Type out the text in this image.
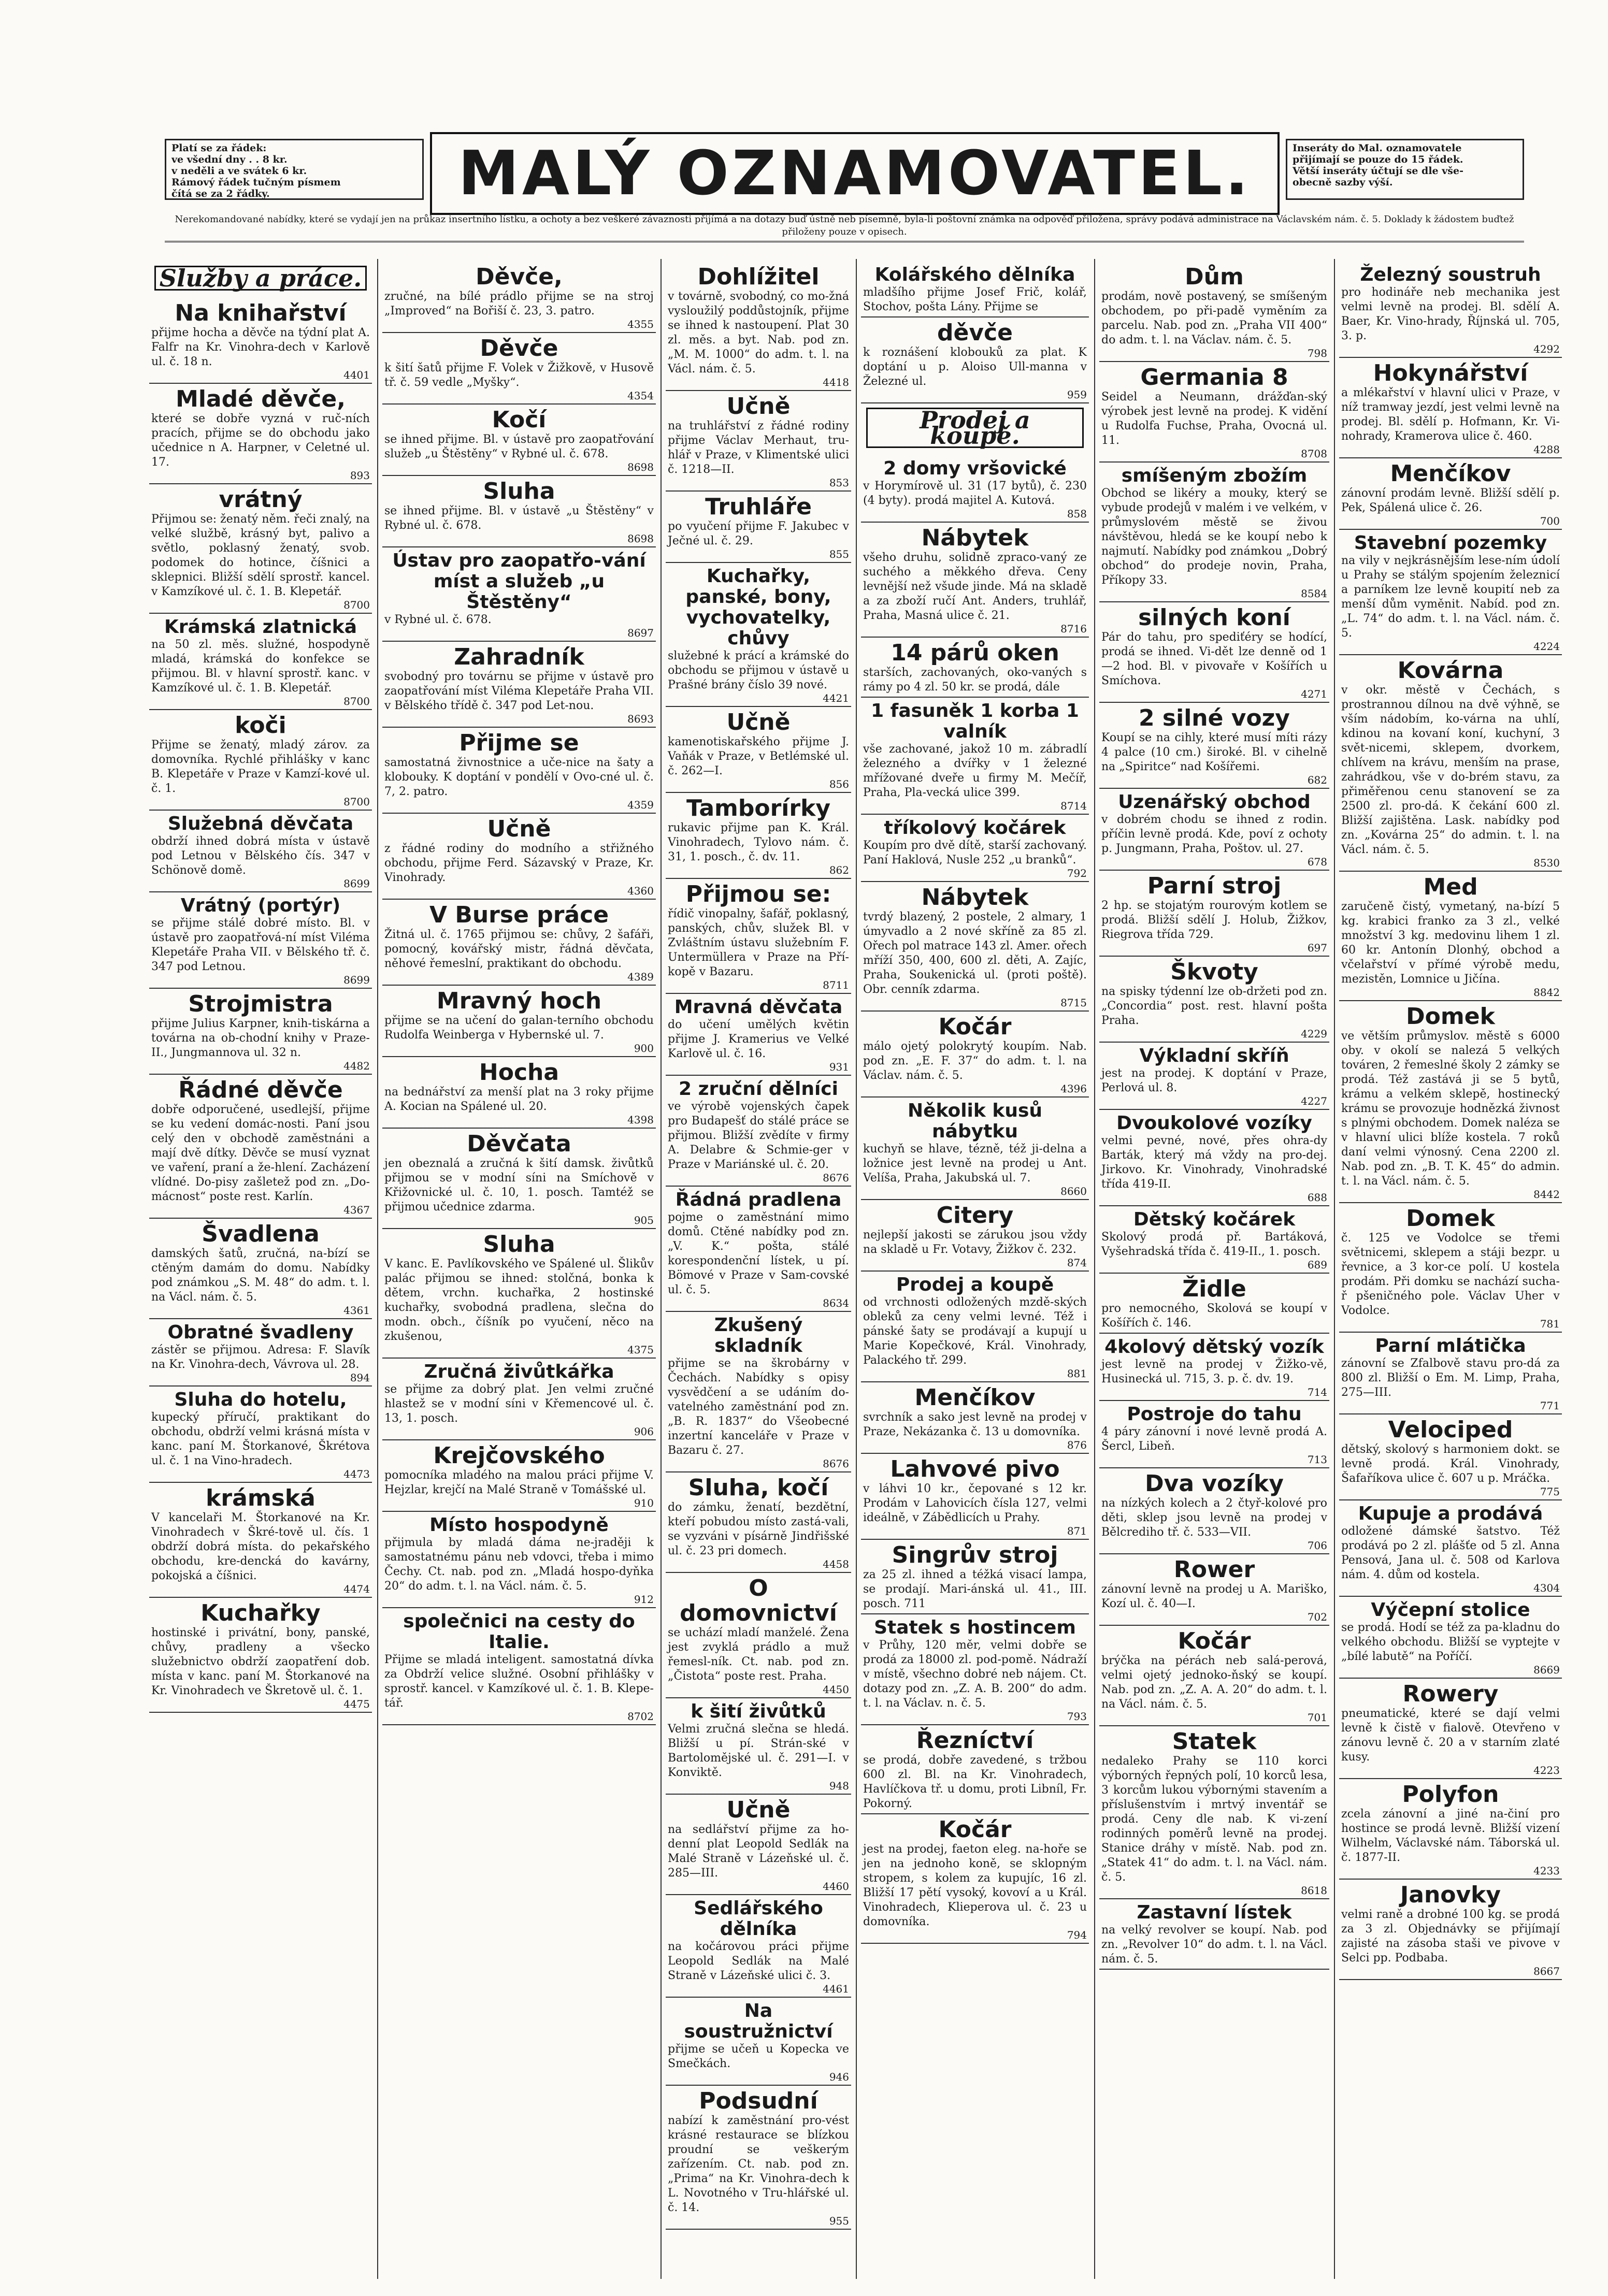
Platí se za řádek:
ve všední dny . . 8 kr.
v neděli a ve svátek 6 kr.
Rámový řádek tučným písmem
čítá se za 2 řádky.	MALÝ OZNAMOVATEL.	Inseráty do Mal. oznamovatele
přijímají se pouze do 15 řádek.
Větší inseráty účtují se dle vše-
obecně sazby výší.
Nerekomandované nabídky, které se vydají jen na průkaz insertního lístku, a ochoty a bez veškeré závaznosti přijímá a na dotazy buď ústně neb písemně, byla-li poštovní známka na odpověď přiložena, správy podává administrace na Václavském nám. č. 5. Doklady k žádostem buďtež přiloženy pouze v opisech.
Služby a práce.
Na knihařství
přijme hocha a děvče na týdní plat A. Falfr na Kr. Vinohra-dech v Karlově ul. č. 18 n.
4401
Mladé děvče,
které se dobře vyzná v ruč-ních pracích, přijme se do obchodu jako učednice n A. Harpner, v Celetné ul. 17.
893
vrátný
Přijmou se: ženatý něm. řeči znalý, na velké službě, krásný byt, palivo a světlo, poklasný ženatý, svob. podomek do hotince, číšnici a sklepnici. Bližší sdělí sprostř. kancel. v Kamzíkové ul. č. 1. B. Klepetář.
8700
Krámská zlatnická
na 50 zl. měs. služné, hospodyně mladá, krámská do konfekce se přijmou. Bl. v hlavní sprostř. kanc. v Kamzíkové ul. č. 1. B. Klepetář.
8700
koči
Přijme se ženatý, mladý zárov. za domovníka. Rychlé přihlášky v kanc B. Klepetáře v Praze v Kamzí-kové ul. č. 1.
8700
Služebná děvčata
obdrží ihned dobrá místa v ústavě pod Letnou v Bělského čís. 347 v Schönově domě.
8699
Vrátný (portýr)
se přijme stálé dobré místo. Bl. v ústavě pro zaopatřová-ní míst Viléma Klepetáře Praha VII. v Bělského tř. č. 347 pod Letnou.
8699
Strojmistra
přijme Julius Karpner, knih-tiskárna a továrna na ob-chodní knihy v Praze-II., Jungmannova ul. 32 n.
4482
Řádné děvče
dobře odporučené, usedlejší, přijme se ku vedení domác-nosti. Paní jsou celý den v obchodě zaměstnáni a mají dvě dítky. Děvče se musí vyznat ve vaření, praní a že-hlení. Zacházení vlídné. Do-pisy zašletež pod zn. „Do-mácnost“ poste rest. Karlín.
4367
Švadlena
damských šatů, zručná, na-bízí se ctěným damám do domu. Nabídky pod známkou „S. M. 48“ do adm. t. l. na Václ. nám. č. 5.
4361
Obratné švadleny
zástěr se přijmou. Adresa: F. Slavík na Kr. Vinohra-dech, Vávrova ul. 28.
894
Sluha do hotelu,
kupecký příručí, praktikant do obchodu, obdrží velmi krásná místa v kanc. paní M. Štorkanové, Škrétova ul. č. 1 na Vino-hradech.
4473
krámská
V kancelaři M. Štorkanové na Kr. Vinohradech v Škré-tově ul. čís. 1 obdrží dobrá místa. do pekařského obchodu, kre-dencká do kavárny, pokojská a číšnici.
4474
Kuchařky
hostinské i privátní, bony, panské, chůvy, pradleny a všecko služebnictvo obdrží zaopatření dob. místa v kanc. paní M. Štorkanové na Kr. Vinohradech ve Škretově ul. č. 1.
4475
Děvče,
zručné, na bílé prádlo přijme se na stroj „Improved“ na Bořiší č. 23, 3. patro.
4355
Děvče
k šití šatů přijme F. Volek v Žižkově, v Husově tř. č. 59 vedle „Myšky“.
4354
Kočí
se ihned přijme. Bl. v ústavě pro zaopatřování služeb „u Štěstěny“ v Rybné ul. č. 678.
8698
Sluha
se ihned přijme. Bl. v ústavě „u Štěstěny“ v Rybné ul. č. 678.
8698
Ústav pro zaopatřo-vání míst a služeb „u Štěstěny“
v Rybné ul. č. 678.
8697
Zahradník
svobodný pro továrnu se přijme v ústavě pro zaopatřování míst Viléma Klepetáře Praha VII. v Bělského třídě č. 347 pod Let-nou.
8693
Přijme se
samostatná živnostnice a uče-nice na šaty a klobouky. K doptání v pondělí v Ovo-cné ul. č. 7, 2. patro.
4359
Učně
z řádné rodiny do modního a střižného obchodu, přijme Ferd. Sázavský v Praze, Kr. Vinohrady.
4360
V Burse práce
Žitná ul. č. 1765 přijmou se: chůvy, 2 šafáři, pomocný, kovářský mistr, řádná děvčata, něhové řemeslní, praktikant do obchodu.
4389
Mravný hoch
přijme se na učení do galan-terního obchodu Rudolfa Weinberga v Hybernské ul. 7.
900
Hocha
na bednářství za menší plat na 3 roky přijme A. Kocian na Spálené ul. 20.
4398
Děvčata
jen obeznalá a zručná k šití damsk. živůtků přijmou se v modní síni na Smíchově v Křižovnické ul. č. 10, 1. posch. Tamtéž se přijmou učednice zdarma.
905
Sluha
V kanc. E. Pavlíkovského ve Spálené ul. Šlikův palác přijmou se ihned: stolčná, bonka k dětem, vrchn. kuchařka, 2 hostinské kuchařky, svobodná pradlena, slečna do modn. obch., číšník po vyučení, něco na zkušenou,
4375
Zručná živůtkářka
se přijme za dobrý plat. Jen velmi zručné hlastež se v modní síni v Křemencové ul. č. 13, 1. posch.
906
Krejčovského
pomocníka mladého na malou práci přijme V. Hejzlar, krejčí na Malé Straně v Tomášské ul.
910
Místo hospodyně
přijmula by mladá dáma ne-jraději k samostatnému pánu neb vdovci, třeba i mimo Čechy. Ct. nab. pod zn. „Mladá hospo-dyňka 20“ do adm. t. l. na Václ. nám. č. 5.
912
společnici na cesty do Italie.
Přijme se mladá inteligent. samostatná dívka za Obdrží velice služné. Osobní přihlášky v sprostř. kancel. v Kamzíkové ul. č. 1. B. Klepe-tář.
8702
Dohlížitel
v továrně, svobodný, co mo-žná vysloužilý poddůstojník, přijme se ihned k nastoupení. Plat 30 zl. měs. a byt. Nab. pod zn. „M. M. 1000“ do adm. t. l. na Václ. nám. č. 5.
4418
Učně
na truhlářství z řádné rodiny přijme Václav Merhaut, tru-hlář v Praze, v Klimentské ulici č. 1218—II.
853
Truhláře
po vyučení přijme F. Jakubec v Ječné ul. č. 29.
855
Kuchařky, panské, bony, vychovatelky, chůvy
služebné k prácí a krámské do obchodu se přijmou v ústavě u Prašné brány číslo 39 nové.
4421
Učně
kamenotiskařského přijme J. Vaňák v Praze, v Betlémské ul. č. 262—I.
856
Tamborírky
rukavic přijme pan K. Král. Vinohradech, Tylovo nám. č. 31, 1. posch., č. dv. 11.
862
Přijmou se:
řídič vinopalny, šafář, poklasný, panských, chův, služek Bl. v Zvláštním ústavu služebním F. Untermüllera v Praze na Pří-kopě v Bazaru.
8711
Mravná děvčata
do učení umělých květin přijme J. Kramerius ve Velké Karlově ul. č. 16.
931
2 zruční dělníci
ve výrobě vojenských čapek pro Budapešť do stálé práce se přijmou. Bližší zvědíte v firmy A. Delabre & Schmie-ger v Praze v Mariánské ul. č. 20.
8676
Řádná pradlena
pojme o zaměstnání mimo domů. Ctěné nabídky pod zn. „V. K.“ pošta, stálé korespondenční lístek, u pí. Bömové v Praze v Sam-covské ul. č. 5.
8634
Zkušený skladník
přijme se na škrobárny v Čechách. Nabídky s opisy vysvědčení a se udáním do-vatelného zaměstnání pod zn. „B. R. 1837“ do Všeobecné inzertní kanceláře v Praze v Bazaru č. 27.
8676
Sluha, kočí
do zámku, ženatí, bezdětní, kteří pobudou místo zastá-vali, se vyzváni v písárně Jindřišské ul. č. 23 pri domech.
4458
O domovnictví
se uchází mladí manželé. Žena jest zvyklá prádlo a muž řemesl-ník. Ct. nab. pod zn. „Čistota“ poste rest. Praha.
4450
k šití živůtků
Velmi zručná slečna se hledá. Bližší u pí. Strán-ské v Bartolomějské ul. č. 291—I. v Konviktě.
948
Učně
na sedlářství přijme za ho-denní plat Leopold Sedlák na Malé Straně v Lázeňské ul. č. 285—III.
4460
Sedlářského dělníka
na kočárovou práci přijme Leopold Sedlák na Malé Straně v Lázeňské ulici č. 3.
4461
Na soustružnictví
přijme se učeň u Kopecka ve Smečkách.
946
Podsudní
nabízí k zaměstnání pro-vést krásné restaurace se blízkou proudní se veškerým zařízením. Ct. nab. pod zn. „Prima“ na Kr. Vinohra-dech k L. Novotného v Tru-hlářské ul. č. 14.
955
Kolářského dělníka
mladšího přijme Josef Frič, kolář, Stochov, pošta Lány. Přijme se
děvče
k roznášení klobouků za plat. K doptání u p. Aloiso Ull-manna v Železné ul.
959
Prodej a koupě.
2 domy vršovické
v Horymírově ul. 31 (17 bytů), č. 230 (4 byty). prodá majitel A. Kutová.
858
Nábytek
všeho druhu, solidně zpraco-vaný ze suchého a měkkého dřeva. Ceny levnější než všude jinde. Má na skladě a za zboží ručí Ant. Anders, truhlář, Praha, Masná ulice č. 21.
8716
14 párů oken
starších, zachovaných, oko-vaných s rámy po 4 zl. 50 kr. se prodá, dále
1 fasuněk 1 korba 1 valník
vše zachované, jakož 10 m. zábradlí železného a dvířky v 1 železné mřížované dveře u firmy M. Mečíř, Praha, Pla-vecká ulice 399.
8714
tříkolový kočárek
Koupím pro dvě dítě, starší zachovaný. Paní Haklová, Nusle 252 „u branků“.
792
Nábytek
tvrdý blazený, 2 postele, 2 almary, 1 úmyvadlo a 2 nové skříně za 85 zl. Ořech pol matrace 143 zl. Amer. ořech mříží 350, 400, 600 zl. děti, A. Zajíc, Praha, Soukenická ul. (proti poště). Obr. cenník zdarma.
8715
Kočár
málo ojetý polokrytý koupím. Nab. pod zn. „E. F. 37“ do adm. t. l. na Václav. nám. č. 5.
4396
Několik kusů nábytku
kuchyň se hlave, tézně, též ji-delna a ložnice jest levně na prodej u Ant. Velíša, Praha, Jakubská ul. 7.
8660
Citery
nejlepší jakosti se zárukou jsou vždy na skladě u Fr. Votavy, Žižkov č. 232.
874
Prodej a koupě
od vrchnosti odložených mzdě-ských obleků za ceny velmi levné. Též i pánské šaty se prodávají a kupují u Marie Kopečkové, Král. Vinohrady, Palackého tř. 299.
881
Menčíkov
svrchník a sako jest levně na prodej v Praze, Nekázanka č. 13 u domovníka.
876
Lahvové pivo
v láhvi 10 kr., čepované s 12 kr. Prodám v Lahovicích čísla 127, velmi ideálně, v Zábědlicích u Prahy.
871
Singrův stroj
za 25 zl. ihned a téžká visací lampa, se prodají. Mari-ánská ul. 41., III. posch. 711
Statek s hostincem
v Průhy, 120 měr, velmi dobře se prodá za 18000 zl. pod-pomě. Nádraží v místě, všechno dobré neb nájem. Ct. dotazy pod zn. „Z. A. B. 200“ do adm. t. l. na Václav. n. č. 5.
793
Řezníctví
se prodá, dobře zavedené, s tržbou 600 zl. Bl. na Kr. Vinohradech, Havlíčkova tř. u domu, proti Libníl, Fr. Pokorný.
Kočár
jest na prodej, faeton eleg. na-hoře se jen na jednoho koně, se sklopným stropem, s kolem za kupujíc, 16 zl. Bližší 17 pětí vysoký, kovoví a u Král. Vinohradech, Klieperova ul. č. 23 u domovníka.
794
Dům
prodám, nově postavený, se smíšeným obchodem, po při-padě vyměním za parcelu. Nab. pod zn. „Praha VII 400“ do adm. t. l. na Václav. nám. č. 5.
798
Germania 8
Seidel a Neumann, drážďan-ský výrobek jest levně na prodej. K vidění u Rudolfa Fuchse, Praha, Ovocná ul. 11.
8708
smíšeným zbožím
Obchod se likéry a mouky, který se vybude prodejů v malém i ve velkém, v průmyslovém městě se živou návštěvou, hledá se ke koupí nebo k najmutí. Nabídky pod známkou „Dobrý obchod“ do prodeje novin, Praha, Příkopy 33.
8584
silných koní
Pár do tahu, pro spediťéry se hodící, prodá se ihned. Vi-dět lze denně od 1—2 hod. Bl. v pivovaře v Košířích u Smíchova.
4271
2 silné vozy
Koupí se na cihly, které musí míti rázy 4 palce (10 cm.) široké. Bl. v cihelně na „Spiritce“ nad Košířemi.
682
Uzenářský obchod
v dobrém chodu se ihned z rodin. příčin levně prodá. Kde, poví z ochoty p. Jungmann, Praha, Poštov. ul. 27.
678
Parní stroj
2 hp. se stojatým rourovým kotlem se prodá. Bližší sdělí J. Holub, Žižkov, Riegrova třída 729.
697
Škvoty
na spisky týdenní lze ob-držeti pod zn. „Concordia“ post. rest. hlavní pošta Praha.
4229
Výkladní skříň
jest na prodej. K doptání v Praze, Perlová ul. 8.
4227
Dvoukolové vozíky
velmi pevné, nové, přes ohra-dy Barták, který má vždy na pro-dej. Jirkovo. Kr. Vinohrady, Vinohradské třída 419-II.
688
Dětský kočárek
Skolový prodá př. Bartáková, Vyšehradská třída č. 419-II., 1. posch.
689
Židle
pro nemocného, Skolová se koupí v Košířích č. 146.
4kolový dětský vozík
jest levně na prodej v Žižko-vě, Husinecká ul. 715, 3. p. č. dv. 19.
714
Postroje do tahu
4 páry zánovní i nové levně prodá A. Šercl, Libeň.
713
Dva vozíky
na nízkých kolech a 2 čtyř-kolové pro děti, sklep jsou levně na prodej v Bělcrediho tř. č. 533—VII.
706
Rower
zánovní levně na prodej u A. Mariško, Kozí ul. č. 40—I.
702
Kočár
brýčka na pérách neb salá-perová, velmi ojetý jednoko-ňský se koupí. Nab. pod zn. „Z. A. A. 20“ do adm. t. l. na Václ. nám. č. 5.
701
Statek
nedaleko Prahy se 110 korci výborných řepných polí, 10 korců lesa, 3 korcům lukou výbornými stavením a příslušenstvím i mrtvý inventář se prodá. Ceny dle nab. K vi-zení rodinných poměrů levně na prodej. Stanice dráhy v místě. Nab. pod zn. „Statek 41“ do adm. t. l. na Václ. nám. č. 5.
8618
Zastavní lístek
na velký revolver se koupí. Nab. pod zn. „Revolver 10“ do adm. t. l. na Václ. nám. č. 5.
Železný soustruh
pro hodináře neb mechanika jest velmi levně na prodej. Bl. sdělí A. Baer, Kr. Vino-hrady, Říjnská ul. 705, 3. p.
4292
Hokynářství
a mlékařství v hlavní ulici v Praze, v níž tramway jezdí, jest velmi levně na prodej. Bl. sdělí p. Hofmann, Kr. Vi-nohrady, Kramerova ulice č. 460.
4288
Menčíkov
zánovní prodám levně. Bližší sdělí p. Pek, Spálená ulice č. 26.
700
Stavební pozemky
na vily v nejkrásnějším lese-ním údolí u Prahy se stálým spojením železnicí a parníkem lze levně koupití neb za menší dům vyměnit. Nabíd. pod zn. „L. 74“ do adm. t. l. na Václ. nám. č. 5.
4224
Kovárna
v okr. městě v Čechách, s prostrannou dílnou na dvě výhně, se vším nádobím, ko-várna na uhlí, kdinou na kovaní koní, kuchyní, 3 svět-nicemi, sklepem, dvorkem, chlívem na krávu, menším na prase, zahrádkou, vše v do-brém stavu, za přiměřenou cenu stanovení se za 2500 zl. pro-dá. K čekání 600 zl. Bližší zajištěna. Lask. nabídky pod zn. „Kovárna 25“ do admin. t. l. na Václ. nám. č. 5.
8530
Med
zaručeně čistý, vymetaný, na-bízí 5 kg. krabici franko za 3 zl., velké množství 3 kg. medovinu lihem 1 zl. 60 kr. Antonín Dlonhý, obchod a včelařství v přímé výrobě medu, mezistěn, Lomnice u Jičína.
8842
Domek
ve větším průmyslov. městě s 6000 oby. v okolí se nalezá 5 velkých továren, 2 řemeslné školy 2 zámky se prodá. Též zastává ji se 5 bytů, krámu a velkém sklepě, hostinecký krámu se provozuje hodnězká živnost s plnými obchodem. Domek naléza se v hlavní ulici blíže kostela. 7 roků daní velmi výnosný. Cena 2200 zl. Nab. pod zn. „B. T. K. 45“ do admin. t. l. na Václ. nám. č. 5.
8442
Domek
č. 125 ve Vodolce se třemi světnicemi, sklepem a stáji bezpr. u řevnice, a 3 kor-ce polí. U kostela prodám. Při domku se nachází sucha-ř pšeničného pole. Václav Uher v Vodolce.
781
Parní mlátička
zánovní se Zfalbově stavu pro-dá za 800 zl. Bližší o Em. M. Limp, Praha, 275—III.
771
Velociped
dětský, skolový s harmoniem dokt. se levně prodá. Král. Vinohrady, Šafaříkova ulice č. 607 u p. Mráčka.
775
Kupuje a prodává
odložené dámské šatstvo. Též prodává po 2 zl. plášťe od 5 zl. Anna Pensová, Jana ul. č. 508 od Karlova nám. 4. dům od kostela.
4304
Výčepní stolice
se prodá. Hodí se též za pa-kladnu do velkého obchodu. Bližší se vyptejte v „bílé labutě“ na Poříčí.
8669
Rowery
pneumatické, které se dají velmi levně k čistě v fialově. Otevřeno v zánovu levně č. 20 a v starním zlaté kusy.
4223
Polyfon
zcela zánovní a jiné na-činí pro hostince se prodá levně. Bližší vizení Wilhelm, Václavské nám. Táborská ul. č. 1877-II.
4233
Janovky
velmi raně a drobné 100 kg. se prodá za 3 zl. Objednávky se přijímají zajisté na zásoba staši ve pivove v Selci pp. Podbaba.
8667
